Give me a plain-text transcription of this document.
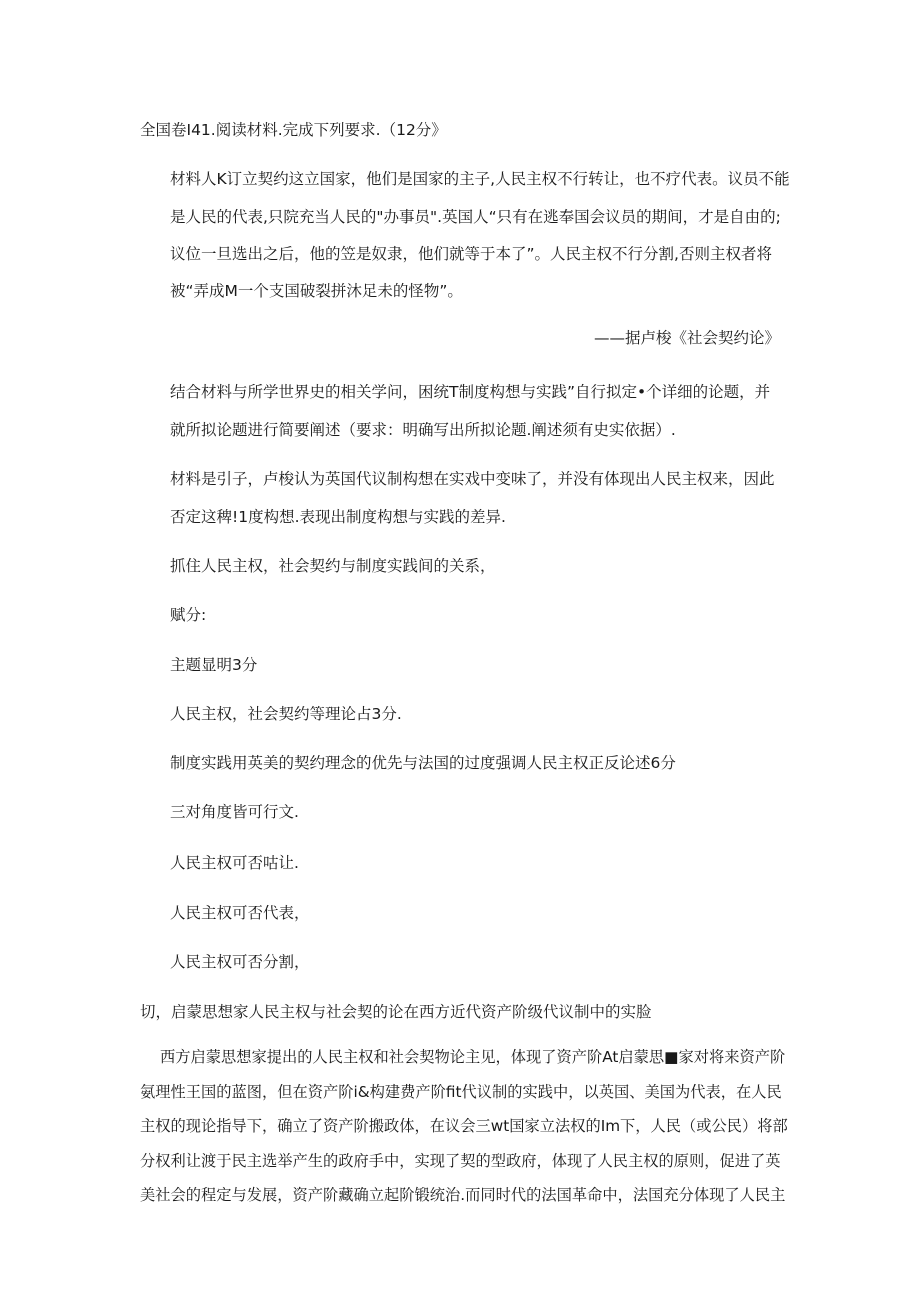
全国卷I41.阅读材料.完成下列要求.（12分》
材料人K订立契约这立国家，他们是国家的主子,人民主权不行转让，也不疗代表。议员不能
是人民的代表,只院充当人民的"办事员".英国人“只有在逃奉国会议员的期间，才是自由的;
议位一旦选出之后，他的笠是奴隶，他们就等于本了”。人民主权不行分割,否则主权者将
被“弄成M一个支国破裂拼沐足未的怪物”。
——据卢梭《社会契约论》
结合材料与所学世界史的相关学问，困统T制度构想与实践”自行拟定•个详细的论题，并
就所拟论题进行简要阐述（要求：明确写出所拟论题.阐述须有史实依据）.
材料是引子，卢梭认为英国代议制构想在实戏中变味了，并没有体现出人民主权来，因此
否定这稗!1度构想.表现出制度构想与实践的差异.
抓住人民主权，社会契约与制度实践间的关系，
赋分:
主题显明3分
人民主权，社会契约等理论占3分.
制度实践用英美的契约理念的优先与法国的过度强调人民主权正反论述6分
三对角度皆可行文.
人民主权可否咕让.
人民主权可否代表，
人民主权可否分割，
切，启蒙思想家人民主权与社会契的论在西方近代资产阶级代议制中的实脸
西方启蒙思想家提出的人民主权和社会契物论主见，体现了资产阶At启蒙思■家对将来资产阶
氨理性王国的蓝图，但在资产阶i&构建费产阶fit代议制的实践中，以英国、美国为代表，在人民
主权的现论指导下，确立了资产阶搬政体，在议会三wt国家立法权的Im下，人民（或公民）将部
分权利让渡于民主选举产生的政府手中，实现了契的型政府，体现了人民主权的原则，促进了英
美社会的程定与发展，资产阶藏确立起阶锻统治.而同时代的法国革命中，法国充分体现了人民主
